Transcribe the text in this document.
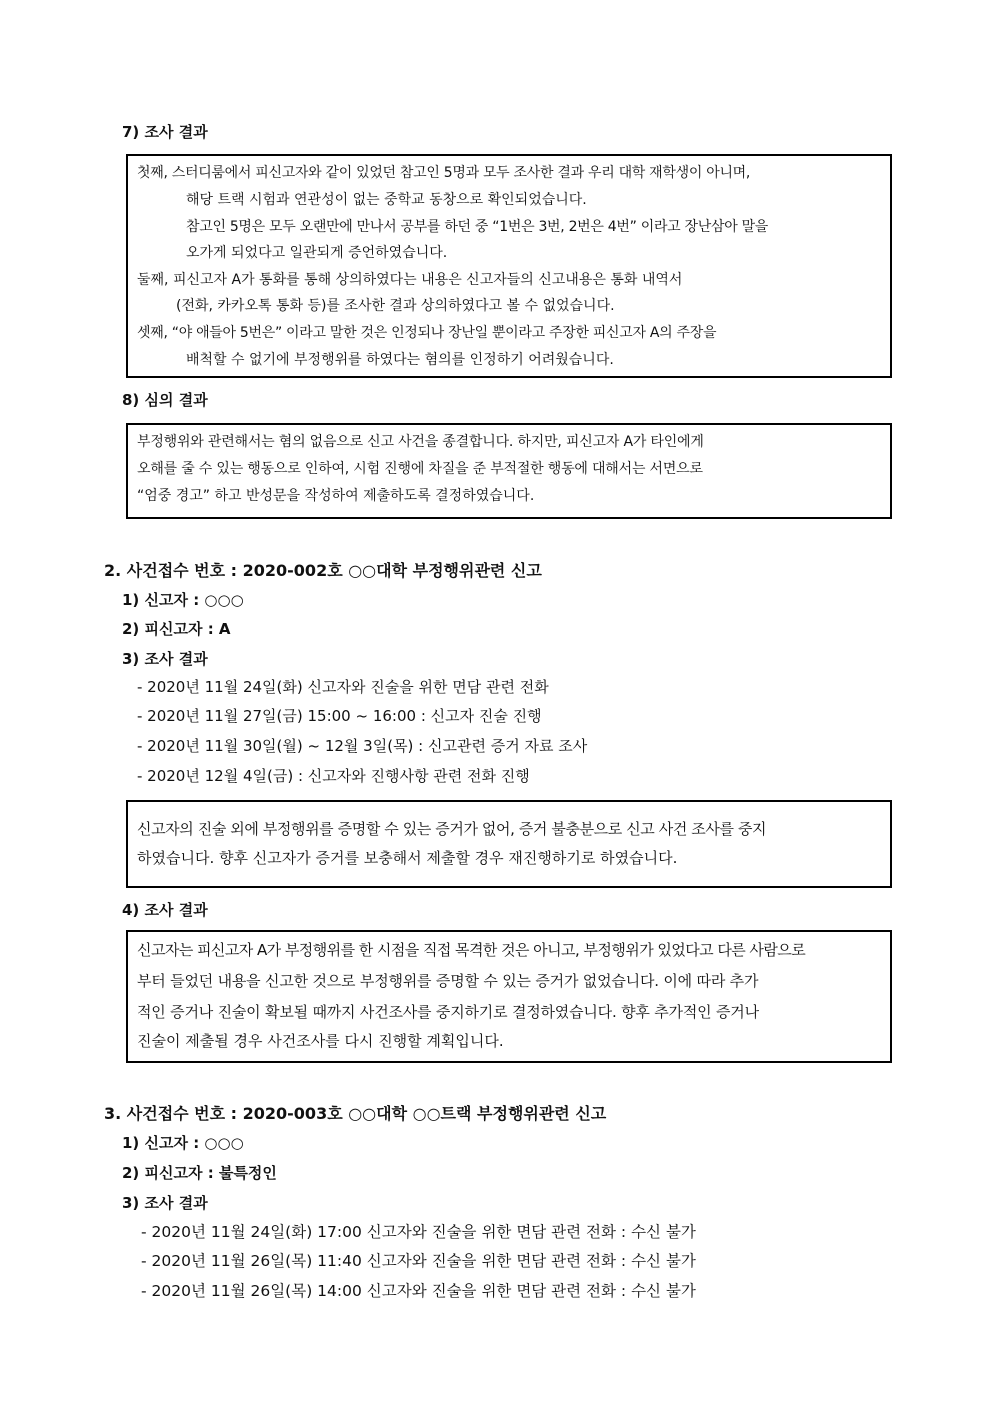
7) 조사 결과
첫째, 스터디룸에서 피신고자와 같이 있었던 참고인 5명과 모두 조사한 결과 우리 대학 재학생이 아니며,
해당 트랙 시험과 연관성이 없는 중학교 동창으로 확인되었습니다.
참고인 5명은 모두 오랜만에 만나서 공부를 하던 중 “1번은 3번, 2번은 4번” 이라고 장난삼아 말을
오가게 되었다고 일관되게 증언하였습니다.
둘째, 피신고자 A가 통화를 통해 상의하였다는 내용은 신고자들의 신고내용은 통화 내역서
(전화, 카카오톡 통화 등)를 조사한 결과 상의하였다고 볼 수 없었습니다.
셋째, “야 애들아 5번은” 이라고 말한 것은 인정되나 장난일 뿐이라고 주장한 피신고자 A의 주장을
배척할 수 없기에 부정행위를 하였다는 혐의를 인정하기 어려웠습니다.
8) 심의 결과
부정행위와 관련해서는 혐의 없음으로 신고 사건을 종결합니다. 하지만, 피신고자 A가 타인에게
오해를 줄 수 있는 행동으로 인하여, 시험 진행에 차질을 준 부적절한 행동에 대해서는 서면으로
“엄중 경고” 하고 반성문을 작성하여 제출하도록 결정하였습니다.
2. 사건접수 번호 : 2020-002호 ○○대학 부정행위관련 신고
1) 신고자 : ○○○
2) 피신고자 : A
3) 조사 결과
- 2020년 11월 24일(화) 신고자와 진술을 위한 면담 관련 전화
- 2020년 11월 27일(금) 15:00 ~ 16:00 : 신고자 진술 진행
- 2020년 11월 30일(월) ~ 12월 3일(목) : 신고관련 증거 자료 조사
- 2020년 12월 4일(금) : 신고자와 진행사항 관련 전화 진행
신고자의 진술 외에 부정행위를 증명할 수 있는 증거가 없어, 증거 불충분으로 신고 사건 조사를 중지
하였습니다. 향후 신고자가 증거를 보충해서 제출할 경우 재진행하기로 하였습니다.
4) 조사 결과
신고자는 피신고자 A가 부정행위를 한 시점을 직접 목격한 것은 아니고, 부정행위가 있었다고 다른 사람으로
부터 들었던 내용을 신고한 것으로 부정행위를 증명할 수 있는 증거가 없었습니다. 이에 따라 추가
적인 증거나 진술이 확보될 때까지 사건조사를 중지하기로 결정하였습니다. 향후 추가적인 증거나
진술이 제출될 경우 사건조사를 다시 진행할 계획입니다.
3. 사건접수 번호 : 2020-003호 ○○대학 ○○트랙 부정행위관련 신고
1) 신고자 : ○○○
2) 피신고자 : 불특정인
3) 조사 결과
- 2020년 11월 24일(화) 17:00 신고자와 진술을 위한 면담 관련 전화 : 수신 불가
- 2020년 11월 26일(목) 11:40 신고자와 진술을 위한 면담 관련 전화 : 수신 불가
- 2020년 11월 26일(목) 14:00 신고자와 진술을 위한 면담 관련 전화 : 수신 불가
